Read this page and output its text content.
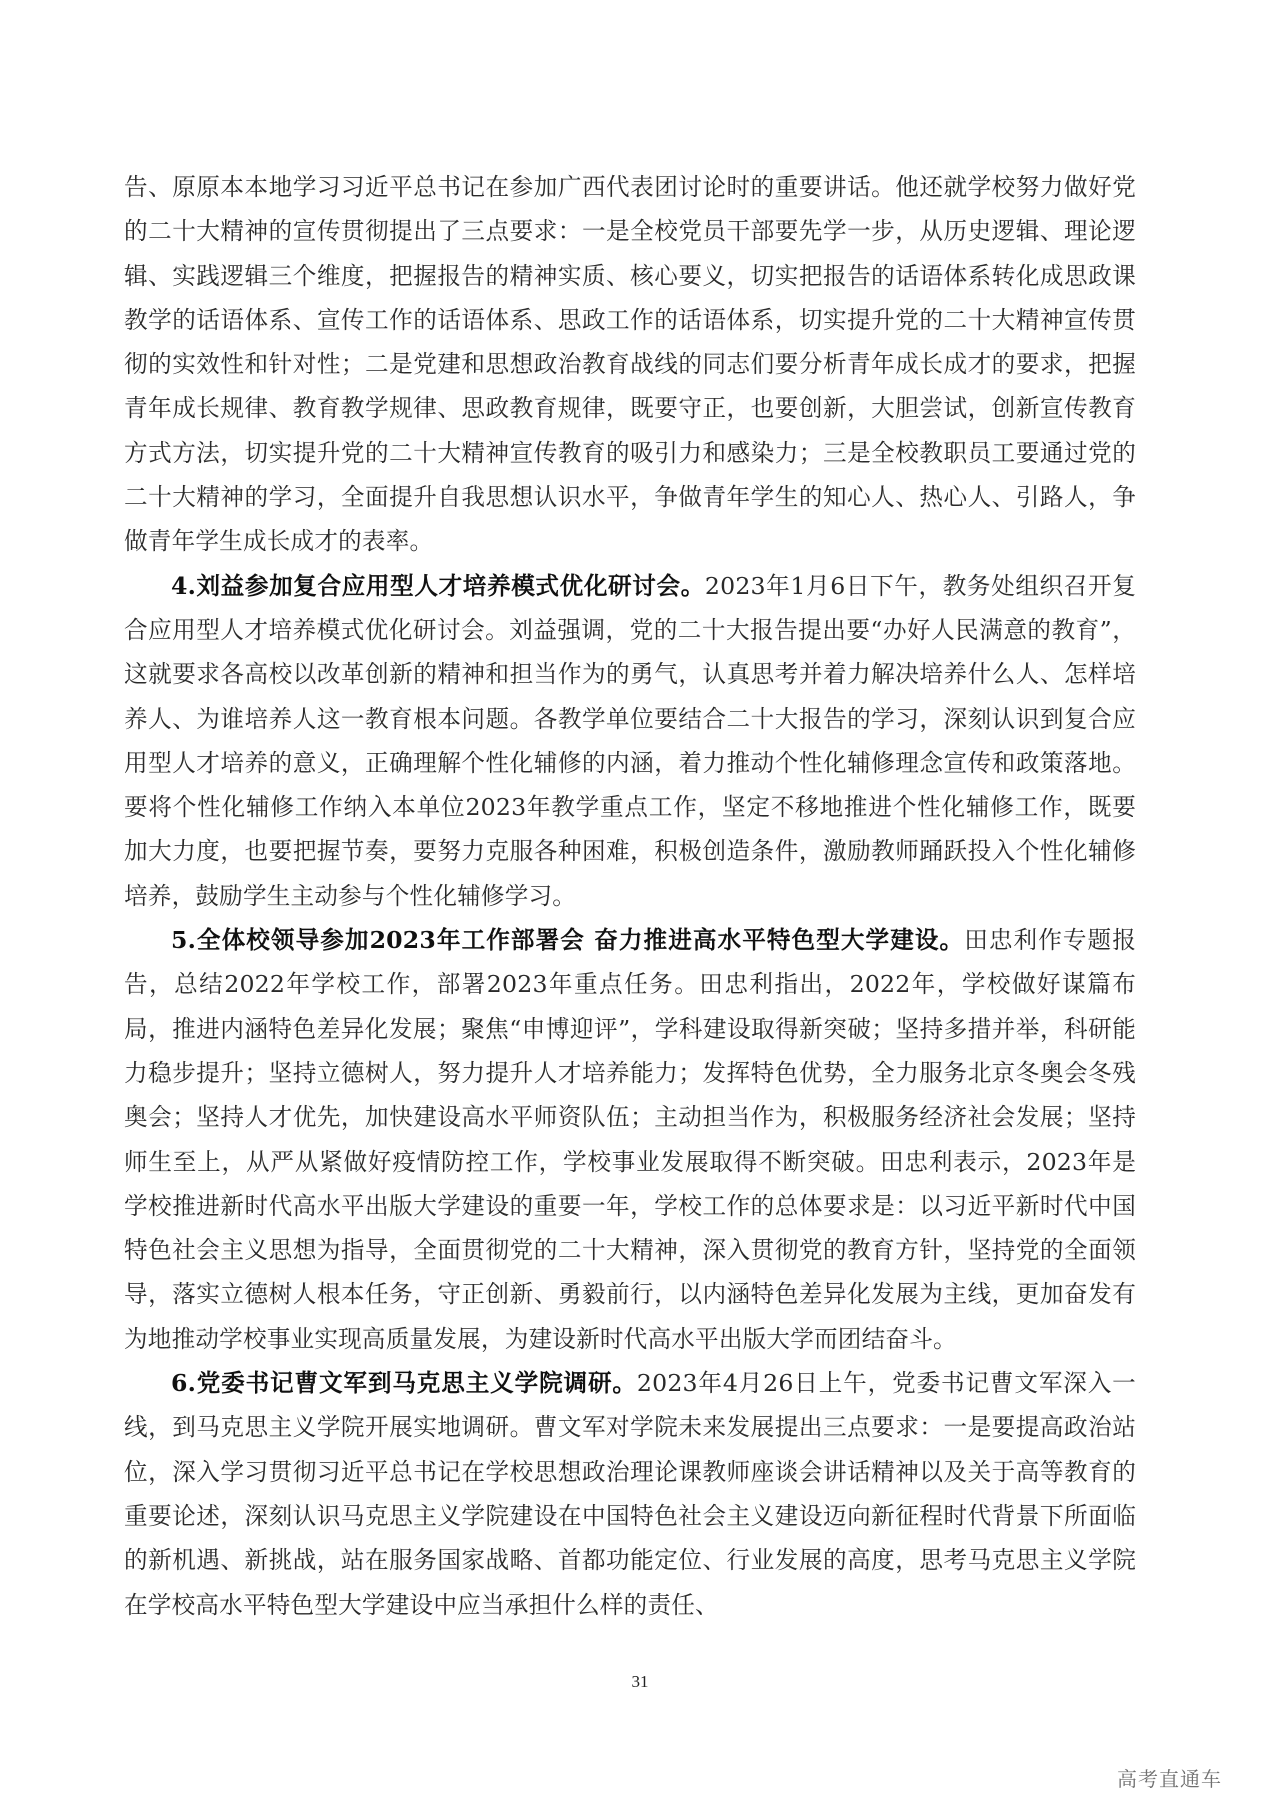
告、原原本本地学习习近平总书记在参加广西代表团讨论时的重要讲话。他还就学校努力做好党的二十大精神的宣传贯彻提出了三点要求：一是全校党员干部要先学一步，从历史逻辑、理论逻辑、实践逻辑三个维度，把握报告的精神实质、核心要义，切实把报告的话语体系转化成思政课教学的话语体系、宣传工作的话语体系、思政工作的话语体系，切实提升党的二十大精神宣传贯彻的实效性和针对性；二是党建和思想政治教育战线的同志们要分析青年成长成才的要求，把握青年成长规律、教育教学规律、思政教育规律，既要守正，也要创新，大胆尝试，创新宣传教育方式方法，切实提升党的二十大精神宣传教育的吸引力和感染力；三是全校教职员工要通过党的二十大精神的学习，全面提升自我思想认识水平，争做青年学生的知心人、热心人、引路人，争做青年学生成长成才的表率。

4.刘益参加复合应用型人才培养模式优化研讨会。2023年1月6日下午，教务处组织召开复合应用型人才培养模式优化研讨会。刘益强调，党的二十大报告提出要“办好人民满意的教育”，这就要求各高校以改革创新的精神和担当作为的勇气，认真思考并着力解决培养什么人、怎样培养人、为谁培养人这一教育根本问题。各教学单位要结合二十大报告的学习，深刻认识到复合应用型人才培养的意义，正确理解个性化辅修的内涵，着力推动个性化辅修理念宣传和政策落地。要将个性化辅修工作纳入本单位2023年教学重点工作，坚定不移地推进个性化辅修工作，既要加大力度，也要把握节奏，要努力克服各种困难，积极创造条件，激励教师踊跃投入个性化辅修培养，鼓励学生主动参与个性化辅修学习。

5.全体校领导参加2023年工作部署会 奋力推进高水平特色型大学建设。田忠利作专题报告，总结2022年学校工作，部署2023年重点任务。田忠利指出，2022年，学校做好谋篇布局，推进内涵特色差异化发展；聚焦“申博迎评”，学科建设取得新突破；坚持多措并举，科研能力稳步提升；坚持立德树人，努力提升人才培养能力；发挥特色优势，全力服务北京冬奥会冬残奥会；坚持人才优先，加快建设高水平师资队伍；主动担当作为，积极服务经济社会发展；坚持师生至上，从严从紧做好疫情防控工作，学校事业发展取得不断突破。田忠利表示，2023年是学校推进新时代高水平出版大学建设的重要一年，学校工作的总体要求是：以习近平新时代中国特色社会主义思想为指导，全面贯彻党的二十大精神，深入贯彻党的教育方针，坚持党的全面领导，落实立德树人根本任务，守正创新、勇毅前行，以内涵特色差异化发展为主线，更加奋发有为地推动学校事业实现高质量发展，为建设新时代高水平出版大学而团结奋斗。

6.党委书记曹文军到马克思主义学院调研。2023年4月26日上午，党委书记曹文军深入一线，到马克思主义学院开展实地调研。曹文军对学院未来发展提出三点要求：一是要提高政治站位，深入学习贯彻习近平总书记在学校思想政治理论课教师座谈会讲话精神以及关于高等教育的重要论述，深刻认识马克思主义学院建设在中国特色社会主义建设迈向新征程时代背景下所面临的新机遇、新挑战，站在服务国家战略、首都功能定位、行业发展的高度，思考马克思主义学院在学校高水平特色型大学建设中应当承担什么样的责任、

31
高考直通车
